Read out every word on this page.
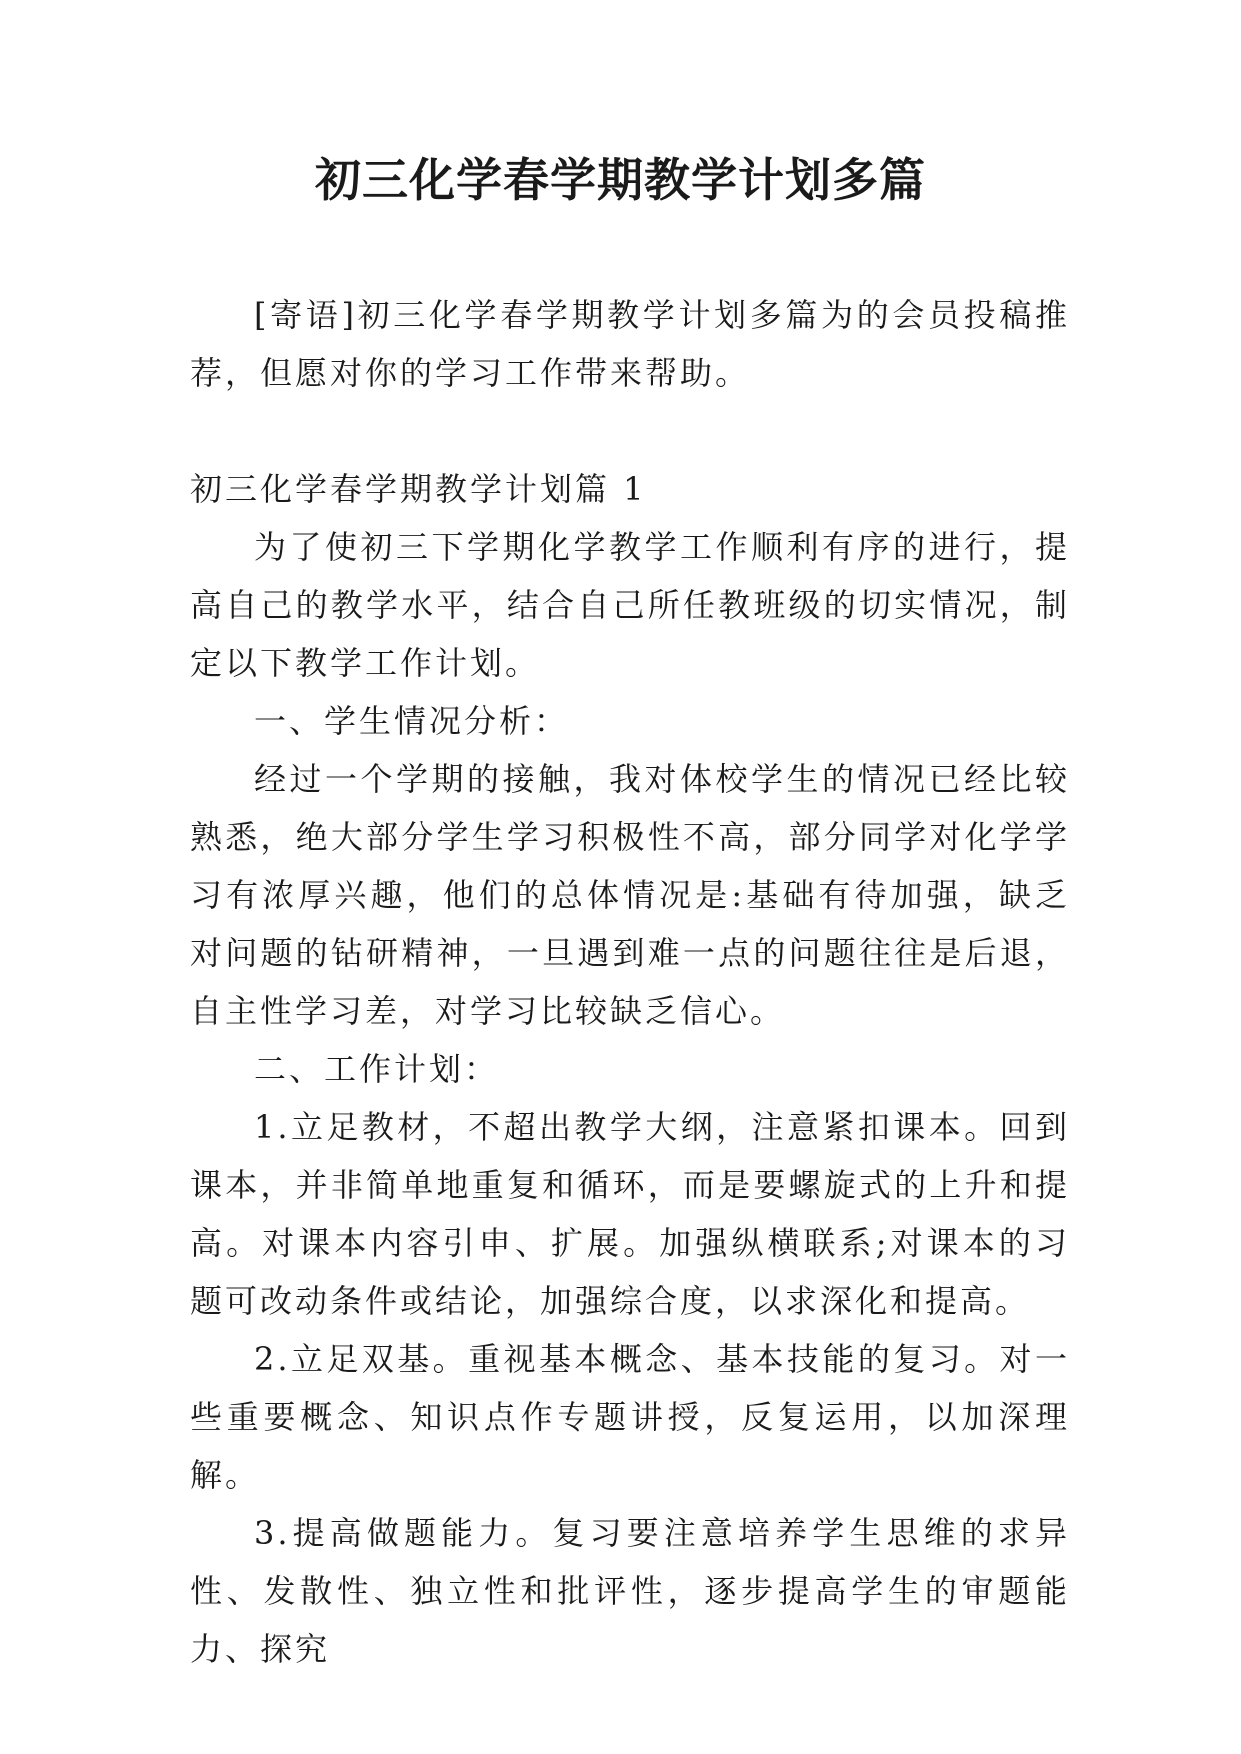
初三化学春学期教学计划多篇

[寄语]初三化学春学期教学计划多篇为的会员投稿推荐，但愿对你的学习工作带来帮助。

初三化学春学期教学计划篇 1

为了使初三下学期化学教学工作顺利有序的进行，提高自己的教学水平，结合自己所任教班级的切实情况，制定以下教学工作计划。

一、学生情况分析：

经过一个学期的接触，我对体校学生的情况已经比较熟悉，绝大部分学生学习积极性不高，部分同学对化学学习有浓厚兴趣，他们的总体情况是:基础有待加强，缺乏对问题的钻研精神，一旦遇到难一点的问题往往是后退，自主性学习差，对学习比较缺乏信心。

二、工作计划：

1.立足教材，不超出教学大纲，注意紧扣课本。回到课本，并非简单地重复和循环，而是要螺旋式的上升和提高。对课本内容引申、扩展。加强纵横联系;对课本的习题可改动条件或结论，加强综合度，以求深化和提高。

2.立足双基。重视基本概念、基本技能的复习。对一些重要概念、知识点作专题讲授，反复运用，以加深理解。

3.提高做题能力。复习要注意培养学生思维的求异性、发散性、独立性和批评性，逐步提高学生的审题能力、探究
